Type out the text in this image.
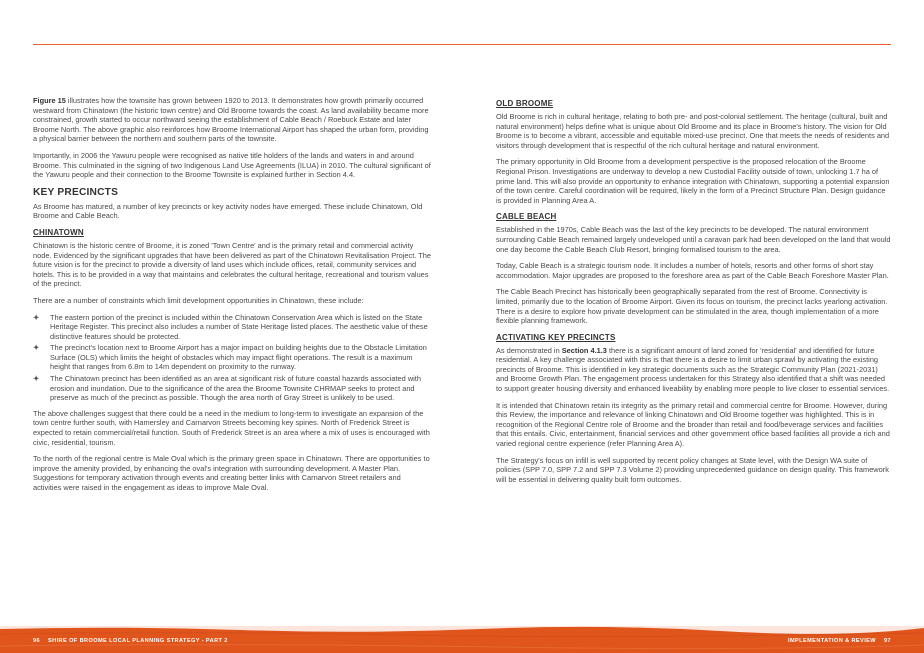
Figure 15 illustrates how the townsite has grown between 1920 to 2013. It demonstrates how growth primarily occurred westward from Chinatown (the historic town centre) and Old Broome towards the coast. As land availability became more constrained, growth started to occur northward seeing the establishment of Cable Beach / Roebuck Estate and later Broome North. The above graphic also reinforces how Broome International Airport has shaped the urban form, providing a physical barrier between the northern and southern parts of the townsite.

Importantly, in 2006 the Yawuru people were recognised as native title holders of the lands and waters in and around Broome. This culminated in the signing of two Indigenous Land Use Agreements (ILUA) in 2010. The cultural significant of the Yawuru people and their connection to the Broome Townsite is explained further in Section 4.4.

KEY PRECINCTS

As Broome has matured, a number of key precincts or key activity nodes have emerged. These include Chinatown, Old Broome and Cable Beach.

CHINATOWN

Chinatown is the historic centre of Broome, it is zoned 'Town Centre' and is the primary retail and commercial activity node. Evidenced by the significant upgrades that have been delivered as part of the Chinatown Revitalisation Project. The future vision is for the precinct to provide a diversity of land uses which include offices, retail, community services and hotels. This is to be provided in a way that maintains and celebrates the cultural heritage, recreational and tourism values of the precinct.

There are a number of constraints which limit development opportunities in Chinatown, these include:

✦ The eastern portion of the precinct is included within the Chinatown Conservation Area which is listed on the State Heritage Register. This precinct also includes a number of State Heritage listed places. The aesthetic value of these distinctive features should be protected.
✦ The precinct's location next to Broome Airport has a major impact on building heights due to the Obstacle Limitation Surface (OLS) which limits the height of obstacles which may impact flight operations. The result is a maximum height that ranges from 6.8m to 14m dependent on proximity to the runway.
✦ The Chinatown precinct has been identified as an area at significant risk of future coastal hazards associated with erosion and inundation. Due to the significance of the area the Broome Townsite CHRMAP seeks to protect and preserve as much of the precinct as possible. Though the area north of Gray Street is unlikely to be used.

The above challenges suggest that there could be a need in the medium to long-term to investigate an expansion of the town centre further south, with Hamersley and Carnarvon Streets becoming key spines. North of Frederick Street is expected to retain commercial/retail function. South of Frederick Street is an area where a mix of uses is encouraged with civic, residential, tourism.

To the north of the regional centre is Male Oval which is the primary green space in Chinatown. There are opportunities to improve the amenity provided, by enhancing the oval's integration with surrounding development. A Master Plan. Suggestions for temporary activation through events and creating better links with Carnarvon Street retailers and activities were raised in the engagement as ideas to improve Male Oval.

OLD BROOME

Old Broome is rich in cultural heritage, relating to both pre- and post-colonial settlement. The heritage (cultural, built and natural environment) helps define what is unique about Old Broome and its place in Broome's history. The vision for Old Broome is to become a vibrant, accessible and equitable mixed-use precinct. One that meets the needs of residents and visitors through development that is respectful of the rich cultural heritage and natural environment.

The primary opportunity in Old Broome from a development perspective is the proposed relocation of the Broome Regional Prison. Investigations are underway to develop a new Custodial Facility outside of town, unlocking 1.7 ha of prime land. This will also provide an opportunity to enhance integration with Chinatown, supporting a potential expansion of the town centre. Careful coordination will be required, likely in the form of a Precinct Structure Plan. Design guidance is provided in Planning Area A.

CABLE BEACH

Established in the 1970s, Cable Beach was the last of the key precincts to be developed. The natural environment surrounding Cable Beach remained largely undeveloped until a caravan park had been developed on the land that would one day become the Cable Beach Club Resort, bringing formalised tourism to the area.

Today, Cable Beach is a strategic tourism node. It includes a number of hotels, resorts and other forms of short stay accommodation. Major upgrades are proposed to the foreshore area as part of the Cable Beach Foreshore Master Plan.

The Cable Beach Precinct has historically been geographically separated from the rest of Broome. Connectivity is limited, primarily due to the location of Broome Airport. Given its focus on tourism, the precinct lacks yearlong activation. There is a desire to explore how private development can be stimulated in the area, though implementation of a more flexible planning framework.

ACTIVATING KEY PRECINCTS

As demonstrated in Section 4.1.3 there is a significant amount of land zoned for 'residential' and identified for future residential. A key challenge associated with this is that there is a desire to limit urban sprawl by activating the existing precincts of Broome. This is identified in key strategic documents such as the Strategic Community Plan (2021-2031) and Broome Growth Plan. The engagement process undertaken for this Strategy also identified that a shift was needed to support greater housing diversity and enhanced liveability by enabling more people to live closer to essential services.

It is intended that Chinatown retain its integrity as the primary retail and commercial centre for Broome. However, during this Review, the importance and relevance of linking Chinatown and Old Broome together was highlighted. This is in recognition of the Regional Centre role of Broome and the broader than retail and food/beverage services and facilities that this entails. Civic, entertainment, financial services and other government office based facilities all provide a rich and varied regional centre experience (refer Planning Area A).

The Strategy's focus on infill is well supported by recent policy changes at State level, with the Design WA suite of policies (SPP 7.0, SPP 7.2 and SPP 7.3 Volume 2) providing unprecedented guidance on design quality. This framework will be essential in delivering quality built form outcomes.

96 SHIRE OF BROOME LOCAL PLANNING STRATEGY - PART 2	IMPLEMENTATION & REVIEW 97
